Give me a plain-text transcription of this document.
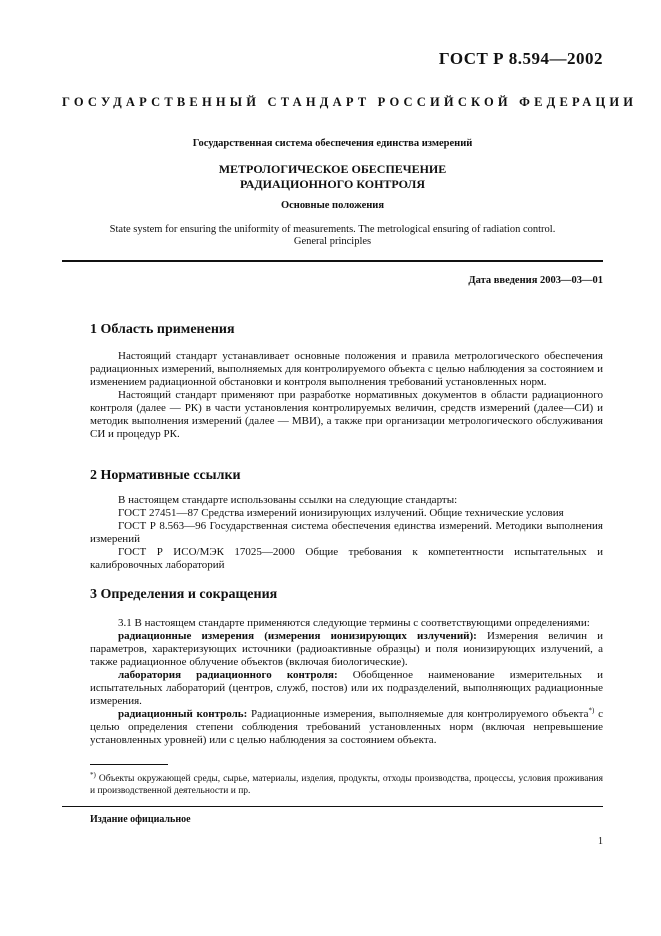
ГОСТ Р 8.594—2002
ГОСУДАРСТВЕННЫЙ СТАНДАРТ РОССИЙСКОЙ ФЕДЕРАЦИИ
Государственная система обеспечения единства измерений
МЕТРОЛОГИЧЕСКОЕ ОБЕСПЕЧЕНИЕ
РАДИАЦИОННОГО КОНТРОЛЯ
Основные положения
State system for ensuring the uniformity of measurements. The metrological ensuring of radiation control.
General principles
Дата введения 2003—03—01
1 Область применения

Настоящий стандарт устанавливает основные положения и правила метрологического обеспечения радиационных измерений, выполняемых для контролируемого объекта с целью наблюдения за состоянием и изменением радиационной обстановки и контроля выполнения требований установленных норм.

Настоящий стандарт применяют при разработке нормативных документов в области радиационного контроля (далее — РК) в части установления контролируемых величин, средств измерений (далее—СИ) и методик выполнения измерений (далее — МВИ), а также при организации метрологического обслуживания СИ и процедур РК.

2 Нормативные ссылки

В настоящем стандарте использованы ссылки на следующие стандарты:

ГОСТ 27451—87 Средства измерений ионизирующих излучений. Общие технические условия

ГОСТ Р 8.563—96 Государственная система обеспечения единства измерений. Методики выполнения измерений

ГОСТ Р ИСО/МЭК 17025—2000 Общие требования к компетентности испытательных и калибровочных лабораторий

3 Определения и сокращения

3.1 В настоящем стандарте применяются следующие термины с соответствующими определениями:

радиационные измерения (измерения ионизирующих излучений): Измерения величин и параметров, характеризующих источники (радиоактивные образцы) и поля ионизирующих излучений, а также радиационное облучение объектов (включая биологические).

лаборатория радиационного контроля: Обобщенное наименование измерительных и испытательных лабораторий (центров, служб, постов) или их подразделений, выполняющих радиационные измерения.

радиационный контроль: Радиационные измерения, выполняемые для контролируемого объекта*) с целью определения степени соблюдения требований установленных норм (включая непревышение установленных уровней) или с целью наблюдения за состоянием объекта.

*) Объекты окружающей среды, сырье, материалы, изделия, продукты, отходы производства, процессы, условия проживания и производственной деятельности и пр.
Издание официальное
1
